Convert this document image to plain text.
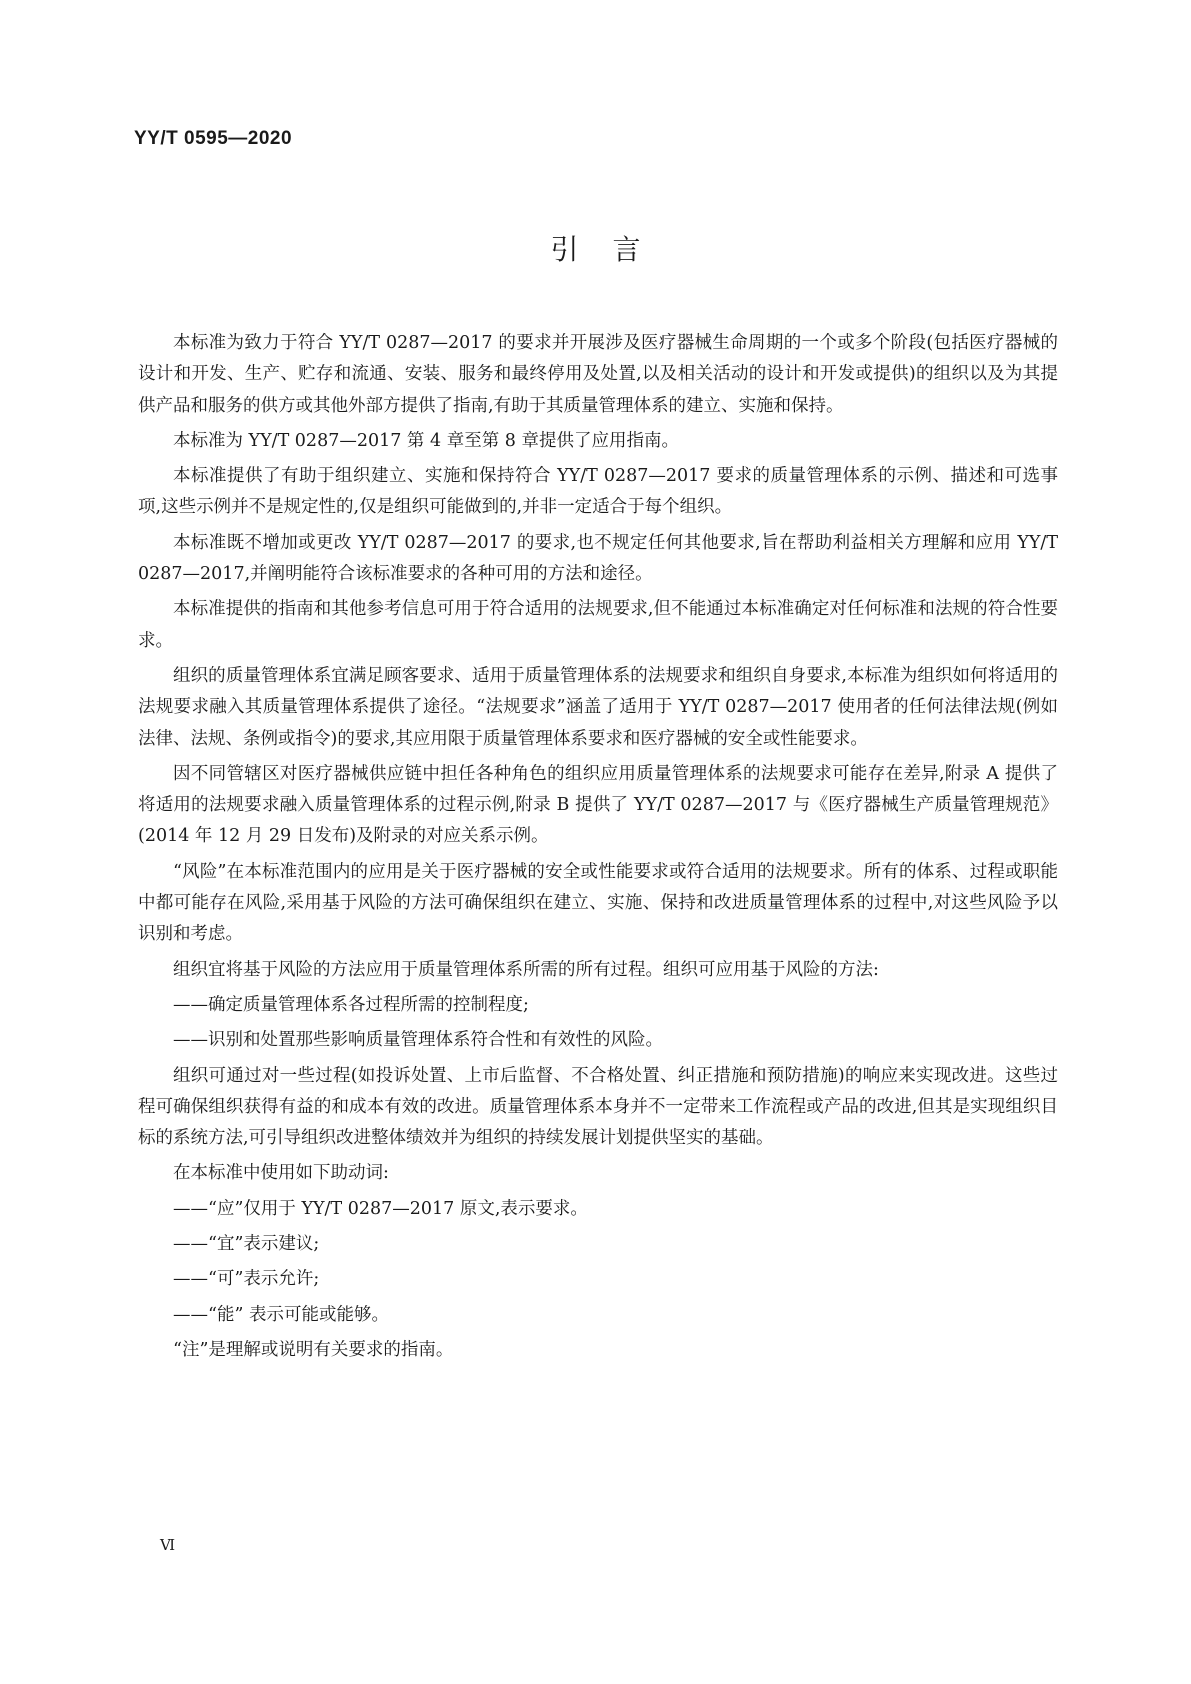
YY/T 0595—2020
引言

本标准为致力于符合 YY/T 0287—2017 的要求并开展涉及医疗器械生命周期的一个或多个阶段(包括医疗器械的设计和开发、生产、贮存和流通、安装、服务和最终停用及处置,以及相关活动的设计和开发或提供)的组织以及为其提供产品和服务的供方或其他外部方提供了指南,有助于其质量管理体系的建立、实施和保持。

本标准为 YY/T 0287—2017 第 4 章至第 8 章提供了应用指南。

本标准提供了有助于组织建立、实施和保持符合 YY/T 0287—2017 要求的质量管理体系的示例、描述和可选事项,这些示例并不是规定性的,仅是组织可能做到的,并非一定适合于每个组织。

本标准既不增加或更改 YY/T 0287—2017 的要求,也不规定任何其他要求,旨在帮助利益相关方理解和应用 YY/T 0287—2017,并阐明能符合该标准要求的各种可用的方法和途径。

本标准提供的指南和其他参考信息可用于符合适用的法规要求,但不能通过本标准确定对任何标准和法规的符合性要求。

组织的质量管理体系宜满足顾客要求、适用于质量管理体系的法规要求和组织自身要求,本标准为组织如何将适用的法规要求融入其质量管理体系提供了途径。“法规要求”涵盖了适用于 YY/T 0287—2017 使用者的任何法律法规(例如法律、法规、条例或指令)的要求,其应用限于质量管理体系要求和医疗器械的安全或性能要求。

因不同管辖区对医疗器械供应链中担任各种角色的组织应用质量管理体系的法规要求可能存在差异,附录 A 提供了将适用的法规要求融入质量管理体系的过程示例,附录 B 提供了 YY/T 0287—2017 与《医疗器械生产质量管理规范》(2014 年 12 月 29 日发布)及附录的对应关系示例。

“风险”在本标准范围内的应用是关于医疗器械的安全或性能要求或符合适用的法规要求。所有的体系、过程或职能中都可能存在风险,采用基于风险的方法可确保组织在建立、实施、保持和改进质量管理体系的过程中,对这些风险予以识别和考虑。

组织宜将基于风险的方法应用于质量管理体系所需的所有过程。组织可应用基于风险的方法:

——确定质量管理体系各过程所需的控制程度;

——识别和处置那些影响质量管理体系符合性和有效性的风险。

组织可通过对一些过程(如投诉处置、上市后监督、不合格处置、纠正措施和预防措施)的响应来实现改进。这些过程可确保组织获得有益的和成本有效的改进。质量管理体系本身并不一定带来工作流程或产品的改进,但其是实现组织目标的系统方法,可引导组织改进整体绩效并为组织的持续发展计划提供坚实的基础。

在本标准中使用如下助动词:

——“应”仅用于 YY/T 0287—2017 原文,表示要求。

——“宜”表示建议;

——“可”表示允许;

——“能” 表示可能或能够。

“注”是理解或说明有关要求的指南。

Ⅵ
